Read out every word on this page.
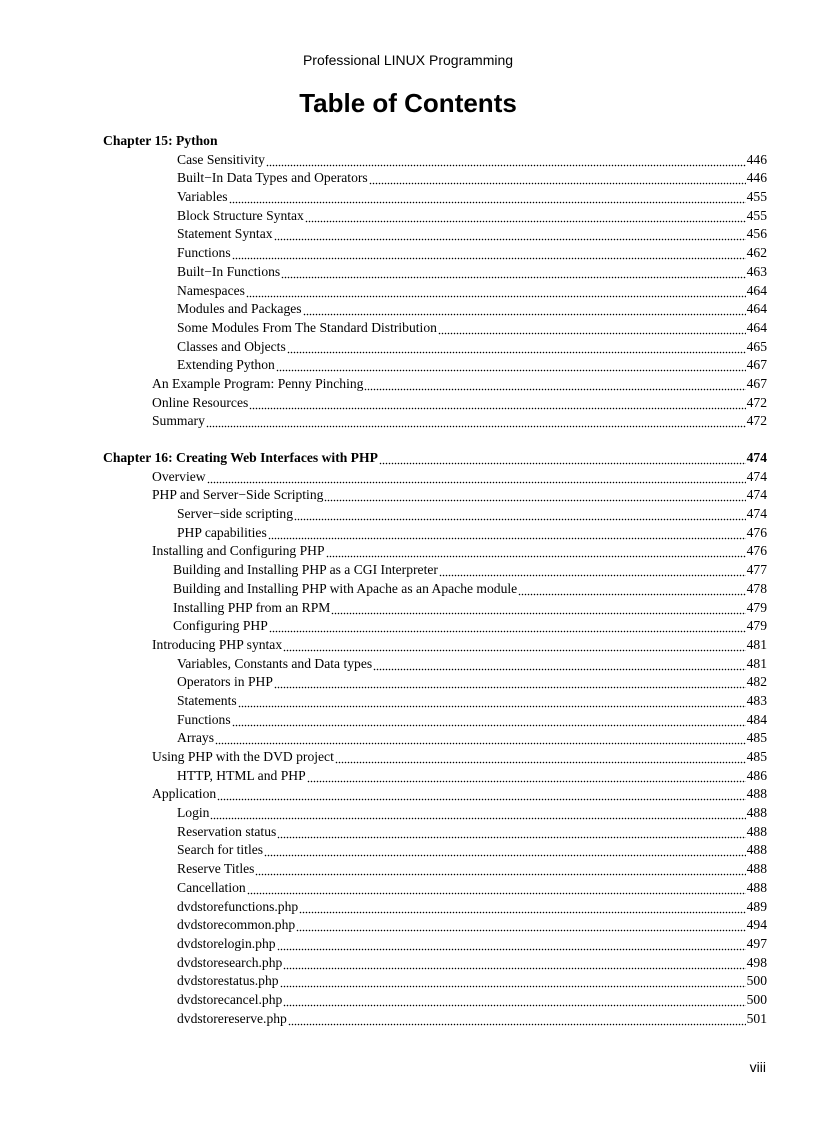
Professional LINUX Programming
Table of Contents
Chapter 15: Python
Case Sensitivity	446
Built−In Data Types and Operators	446
Variables	455
Block Structure Syntax	455
Statement Syntax	456
Functions	462
Built−In Functions	463
Namespaces	464
Modules and Packages	464
Some Modules From The Standard Distribution	464
Classes and Objects	465
Extending Python	467
An Example Program: Penny Pinching	467
Online Resources	472
Summary	472
Chapter 16: Creating Web Interfaces with PHP	474
Overview	474
PHP and Server−Side Scripting	474
Server−side scripting	474
PHP capabilities	476
Installing and Configuring PHP	476
Building and Installing PHP as a CGI Interpreter	477
Building and Installing PHP with Apache as an Apache module	478
Installing PHP from an RPM	479
Configuring PHP	479
Introducing PHP syntax	481
Variables, Constants and Data types	481
Operators in PHP	482
Statements	483
Functions	484
Arrays	485
Using PHP with the DVD project	485
HTTP, HTML and PHP	486
Application	488
Login	488
Reservation status	488
Search for titles	488
Reserve Titles	488
Cancellation	488
dvdstorefunctions.php	489
dvdstorecommon.php	494
dvdstorelogin.php	497
dvdstoresearch.php	498
dvdstorestatus.php	500
dvdstorecancel.php	500
dvdstorereserve.php	501
viii
